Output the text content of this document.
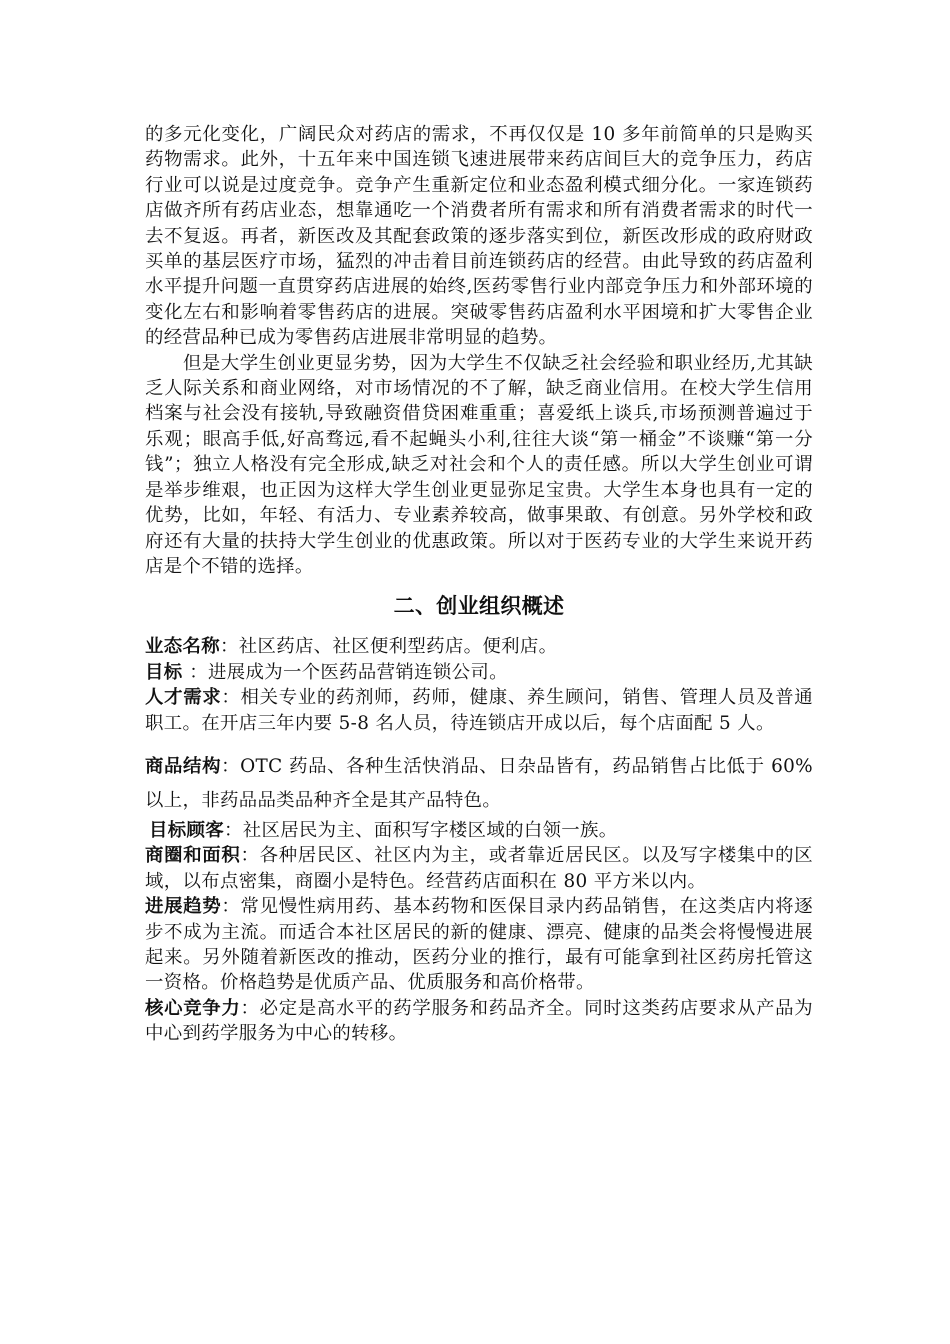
的多元化变化，广阔民众对药店的需求，不再仅仅是 10 多年前简单的只是购买药物需求。此外，十五年来中国连锁飞速进展带来药店间巨大的竞争压力，药店行业可以说是过度竞争。竞争产生重新定位和业态盈利模式细分化。一家连锁药店做齐所有药店业态，想靠通吃一个消费者所有需求和所有消费者需求的时代一去不复返。再者，新医改及其配套政策的逐步落实到位，新医改形成的政府财政买单的基层医疗市场，猛烈的冲击着目前连锁药店的经营。由此导致的药店盈利水平提升问题一直贯穿药店进展的始终,医药零售行业内部竞争压力和外部环境的变化左右和影响着零售药店的进展。突破零售药店盈利水平困境和扩大零售企业的经营品种已成为零售药店进展非常明显的趋势。

但是大学生创业更显劣势，因为大学生不仅缺乏社会经验和职业经历,尤其缺乏人际关系和商业网络，对市场情况的不了解，缺乏商业信用。在校大学生信用档案与社会没有接轨,导致融资借贷困难重重；喜爱纸上谈兵,市场预测普遍过于乐观；眼高手低,好高骛远,看不起蝇头小利,往往大谈“第一桶金”不谈赚“第一分钱”；独立人格没有完全形成,缺乏对社会和个人的责任感。所以大学生创业可谓是举步维艰，也正因为这样大学生创业更显弥足宝贵。大学生本身也具有一定的优势，比如，年轻、有活力、专业素养较高，做事果敢、有创意。另外学校和政府还有大量的扶持大学生创业的优惠政策。所以对于医药专业的大学生来说开药店是个不错的选择。

二、创业组织概述

业态名称：社区药店、社区便利型药店。便利店。

目标 ：进展成为一个医药品营销连锁公司。

人才需求：相关专业的药剂师，药师，健康、养生顾问，销售、管理人员及普通职工。在开店三年内要 5-8 名人员，待连锁店开成以后，每个店面配 5 人。

商品结构：OTC 药品、各种生活快消品、日杂品皆有，药品销售占比低于 60%以上，非药品品类品种齐全是其产品特色。

目标顾客：社区居民为主、面积写字楼区域的白领一族。

商圈和面积：各种居民区、社区内为主，或者靠近居民区。以及写字楼集中的区域，以布点密集，商圈小是特色。经营药店面积在 80 平方米以内。

进展趋势：常见慢性病用药、基本药物和医保目录内药品销售，在这类店内将逐步不成为主流。而适合本社区居民的新的健康、漂亮、健康的品类会将慢慢进展起来。另外随着新医改的推动，医药分业的推行，最有可能拿到社区药房托管这一资格。价格趋势是优质产品、优质服务和高价格带。

核心竞争力：必定是高水平的药学服务和药品齐全。同时这类药店要求从产品为中心到药学服务为中心的转移。
